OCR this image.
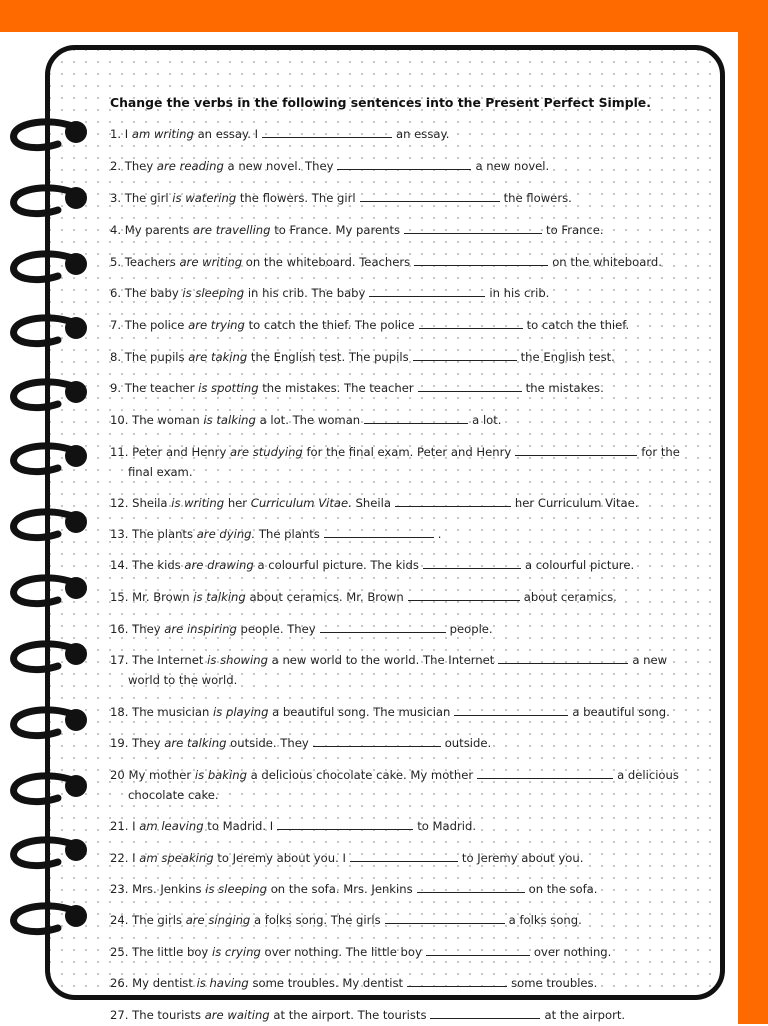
Change the verbs in the following sentences into the Present Perfect Simple.
1. I am writing an essay. I	an essay.
2. They are reading a new novel. They	a new novel.
3. The girl is watering the flowers. The girl	the flowers.
4. My parents are travelling to France. My parents	to France.
5. Teachers are writing on the whiteboard. Teachers	on the whiteboard.
6. The baby is sleeping in his crib. The baby	in his crib.
7. The police are trying to catch the thief. The police	to catch the thief.
8. The pupils are taking the English test. The pupils	the English test.
9. The teacher is spotting the mistakes. The teacher	the mistakes.
10. The woman is talking a lot. The woman	a lot.
11. Peter and Henry are studying for the final exam. Peter and Henry	for the
final exam.
12. Sheila is writing her Curriculum Vitae. Sheila	her Curriculum Vitae.
13. The plants are dying. The plants	.
14. The kids are drawing a colourful picture. The kids	a colourful picture.
15. Mr. Brown is talking about ceramics. Mr. Brown	about ceramics.
16. They are inspiring people. They	people.
17. The Internet is showing a new world to the world. The Internet	a new
world to the world.
18. The musician is playing a beautiful song. The musician	a beautiful song.
19. They are talking outside. They	outside.
20 My mother is baking a delicious chocolate cake. My mother	a delicious
chocolate cake.
21. I am leaving to Madrid. I	to Madrid.
22. I am speaking to Jeremy about you. I	to Jeremy about you.
23. Mrs. Jenkins is sleeping on the sofa. Mrs. Jenkins	on the sofa.
24. The girls are singing a folks song. The girls	a folks song.
25. The little boy is crying over nothing. The little boy	over nothing.
26. My dentist is having some troubles. My dentist	some troubles.
27. The tourists are waiting at the airport. The tourists	at the airport.
